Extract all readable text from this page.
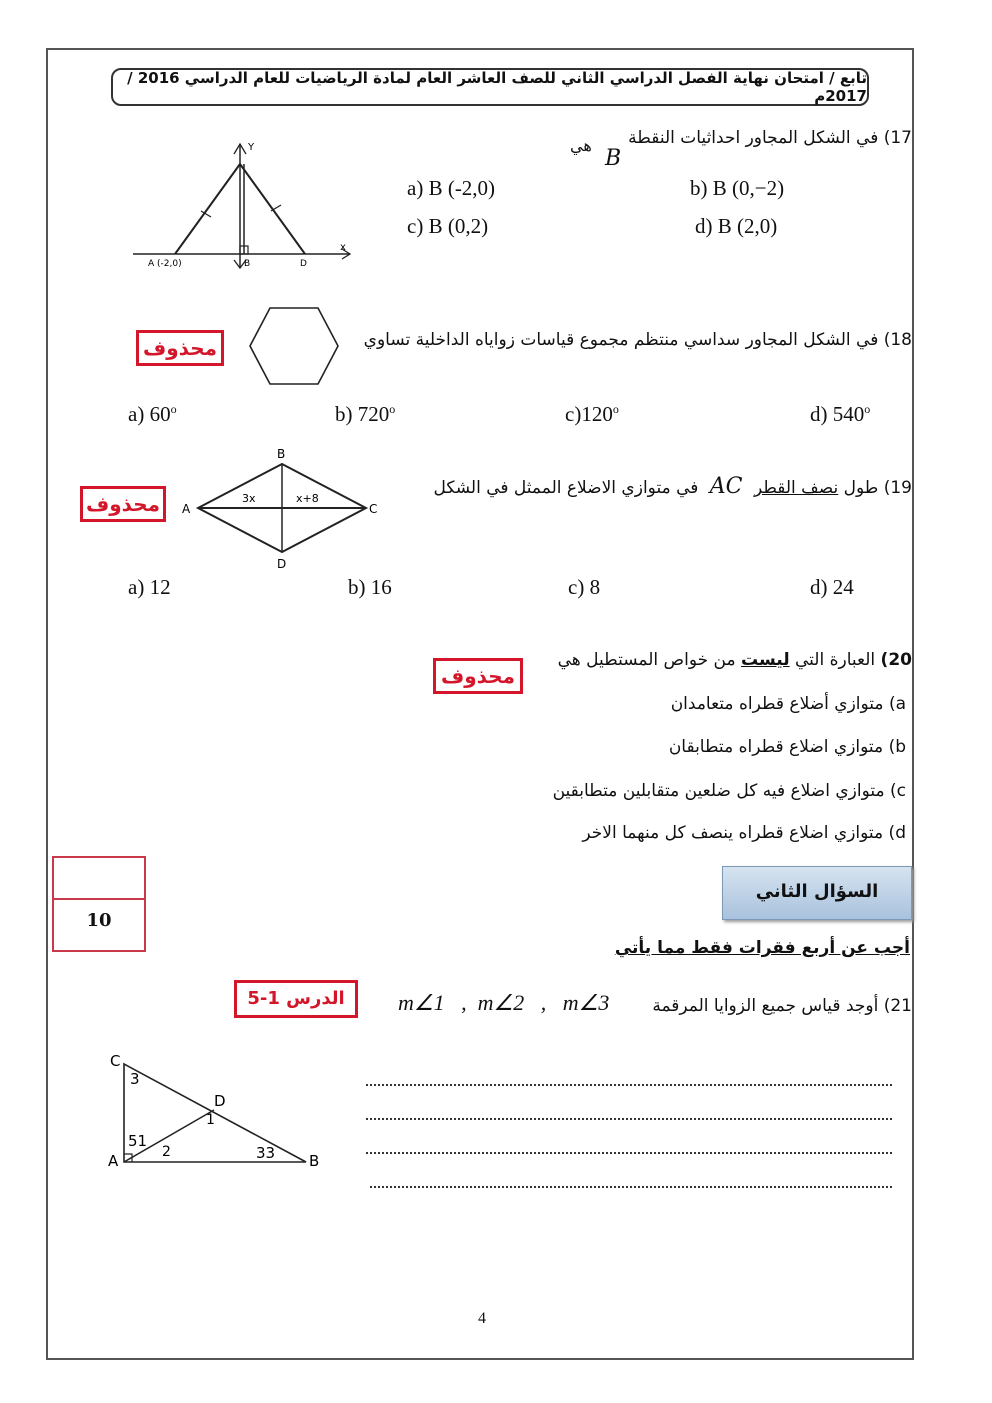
تابع / امتحان نهاية الفصل الدراسي الثاني للصف العاشر العام لمادة الرياضيات للعام الدراسي 2016 / 2017م
17) في الشكل المجاور احداثيات النقطة
B
هي
a) B (-2,0)	b) B (0,−2)
c) B (0,2)	d) B (2,0)
Y
x
A (-2,0)	B	D
محذوف	18) في الشكل المجاور سداسي منتظم مجموع قياسات زواياه الداخلية تساوي
a) 60$^o$	b) 720$^o$	c)120$^o$	d) 540$^o$
محذوف	A
B
C
D
3x	x+8
19) طول نصف القطر AC في متوازي الاضلاع الممثل في الشكل
a) 12	b) 16	c) 8	d) 24
20) العبارة التي ليست من خواص المستطيل هي
محذوف
a) متوازي أضلاع قطراه متعامدان
b) متوازي اضلاع قطراه متطابقان
c) متوازي اضلاع فيه كل ضلعين متقابلين متطابقين
d) متوازي اضلاع قطراه ينصف كل منهما الاخر
10
السؤال الثاني
أجب عن أربع فقرات فقط مما يأتي
الدرس 1-5	21) أوجد قياس جميع الزوايا المرقمة
m∠1   ,  m∠2   ,   m∠3
C
A	B
D
3
51
2
1
33
4
